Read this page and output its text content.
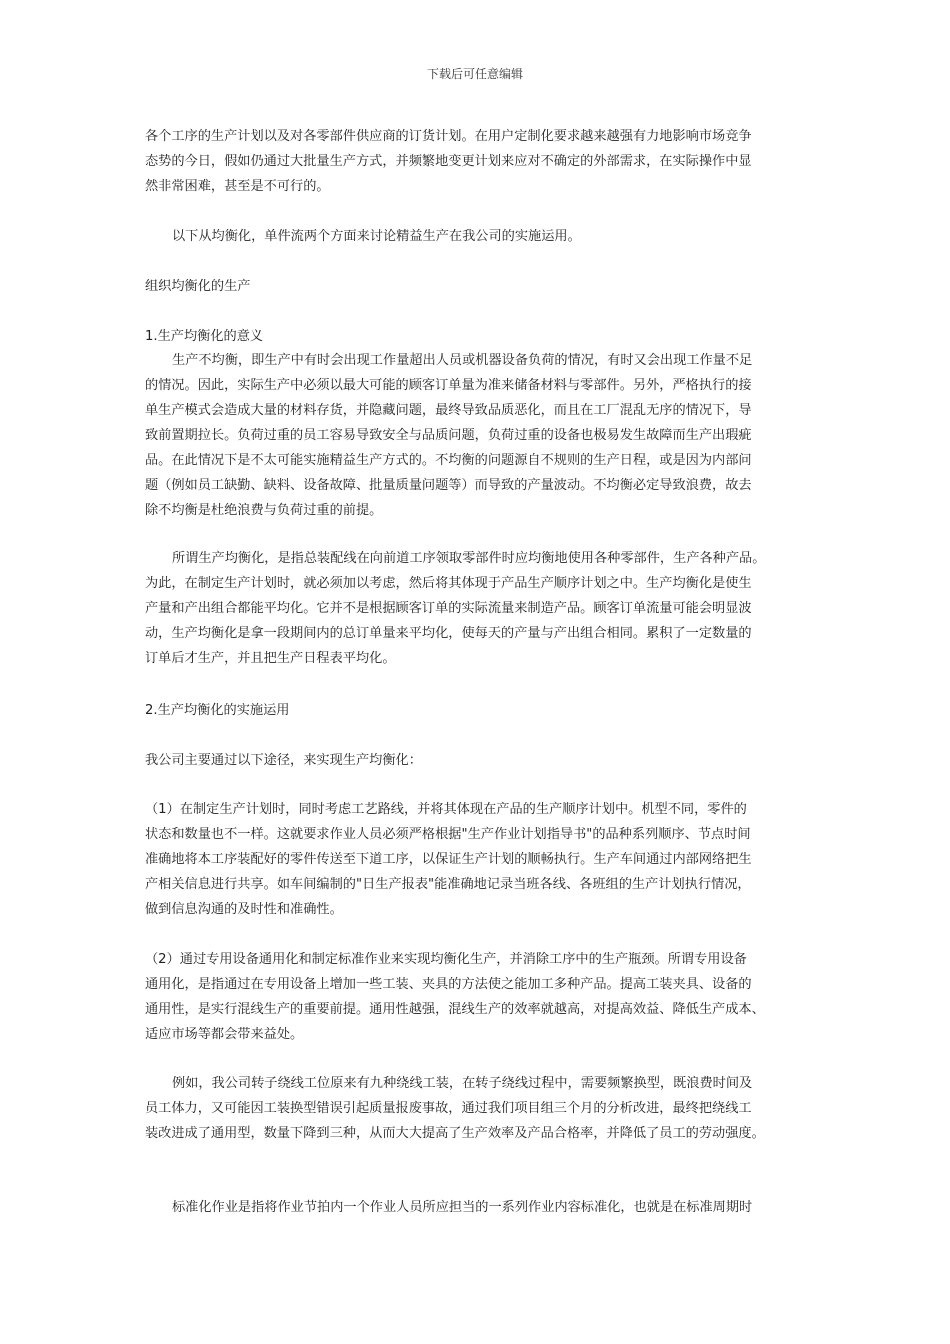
下载后可任意编辑
各个工序的生产计划以及对各零部件供应商的订货计划。在用户定制化要求越来越强有力地影响市场竞争
态势的今日，假如仍通过大批量生产方式，并频繁地变更计划来应对不确定的外部需求，在实际操作中显
然非常困难，甚至是不可行的。
以下从均衡化，单件流两个方面来讨论精益生产在我公司的实施运用。
组织均衡化的生产
1.生产均衡化的意义
生产不均衡，即生产中有时会出现工作量超出人员或机器设备负荷的情况，有时又会出现工作量不足
的情况。因此，实际生产中必须以最大可能的顾客订单量为准来储备材料与零部件。另外，严格执行的接
单生产模式会造成大量的材料存货，并隐藏问题，最终导致品质恶化，而且在工厂混乱无序的情况下，导
致前置期拉长。负荷过重的员工容易导致安全与品质问题，负荷过重的设备也极易发生故障而生产出瑕疵
品。在此情况下是不太可能实施精益生产方式的。不均衡的问题源自不规则的生产日程，或是因为内部问
题（例如员工缺勤、缺料、设备故障、批量质量问题等）而导致的产量波动。不均衡必定导致浪费，故去
除不均衡是杜绝浪费与负荷过重的前提。
所谓生产均衡化，是指总装配线在向前道工序领取零部件时应均衡地使用各种零部件，生产各种产品。
为此，在制定生产计划时，就必须加以考虑，然后将其体现于产品生产顺序计划之中。生产均衡化是使生
产量和产出组合都能平均化。它并不是根据顾客订单的实际流量来制造产品。顾客订单流量可能会明显波
动，生产均衡化是拿一段期间内的总订单量来平均化，使每天的产量与产出组合相同。累积了一定数量的
订单后才生产，并且把生产日程表平均化。
2.生产均衡化的实施运用
我公司主要通过以下途径，来实现生产均衡化：
（1）在制定生产计划时，同时考虑工艺路线，并将其体现在产品的生产顺序计划中。机型不同，零件的
状态和数量也不一样。这就要求作业人员必须严格根据"生产作业计划指导书"的品种系列顺序、节点时间
准确地将本工序装配好的零件传送至下道工序，以保证生产计划的顺畅执行。生产车间通过内部网络把生
产相关信息进行共享。如车间编制的"日生产报表"能准确地记录当班各线、各班组的生产计划执行情况，
做到信息沟通的及时性和准确性。
（2）通过专用设备通用化和制定标准作业来实现均衡化生产，并消除工序中的生产瓶颈。所谓专用设备
通用化，是指通过在专用设备上增加一些工装、夹具的方法使之能加工多种产品。提高工装夹具、设备的
通用性，是实行混线生产的重要前提。通用性越强，混线生产的效率就越高，对提高效益、降低生产成本、
适应市场等都会带来益处。
例如，我公司转子绕线工位原来有九种绕线工装，在转子绕线过程中，需要频繁换型，既浪费时间及
员工体力，又可能因工装换型错误引起质量报废事故，通过我们项目组三个月的分析改进，最终把绕线工
装改进成了通用型，数量下降到三种，从而大大提高了生产效率及产品合格率，并降低了员工的劳动强度。
标准化作业是指将作业节拍内一个作业人员所应担当的一系列作业内容标准化，也就是在标准周期时
